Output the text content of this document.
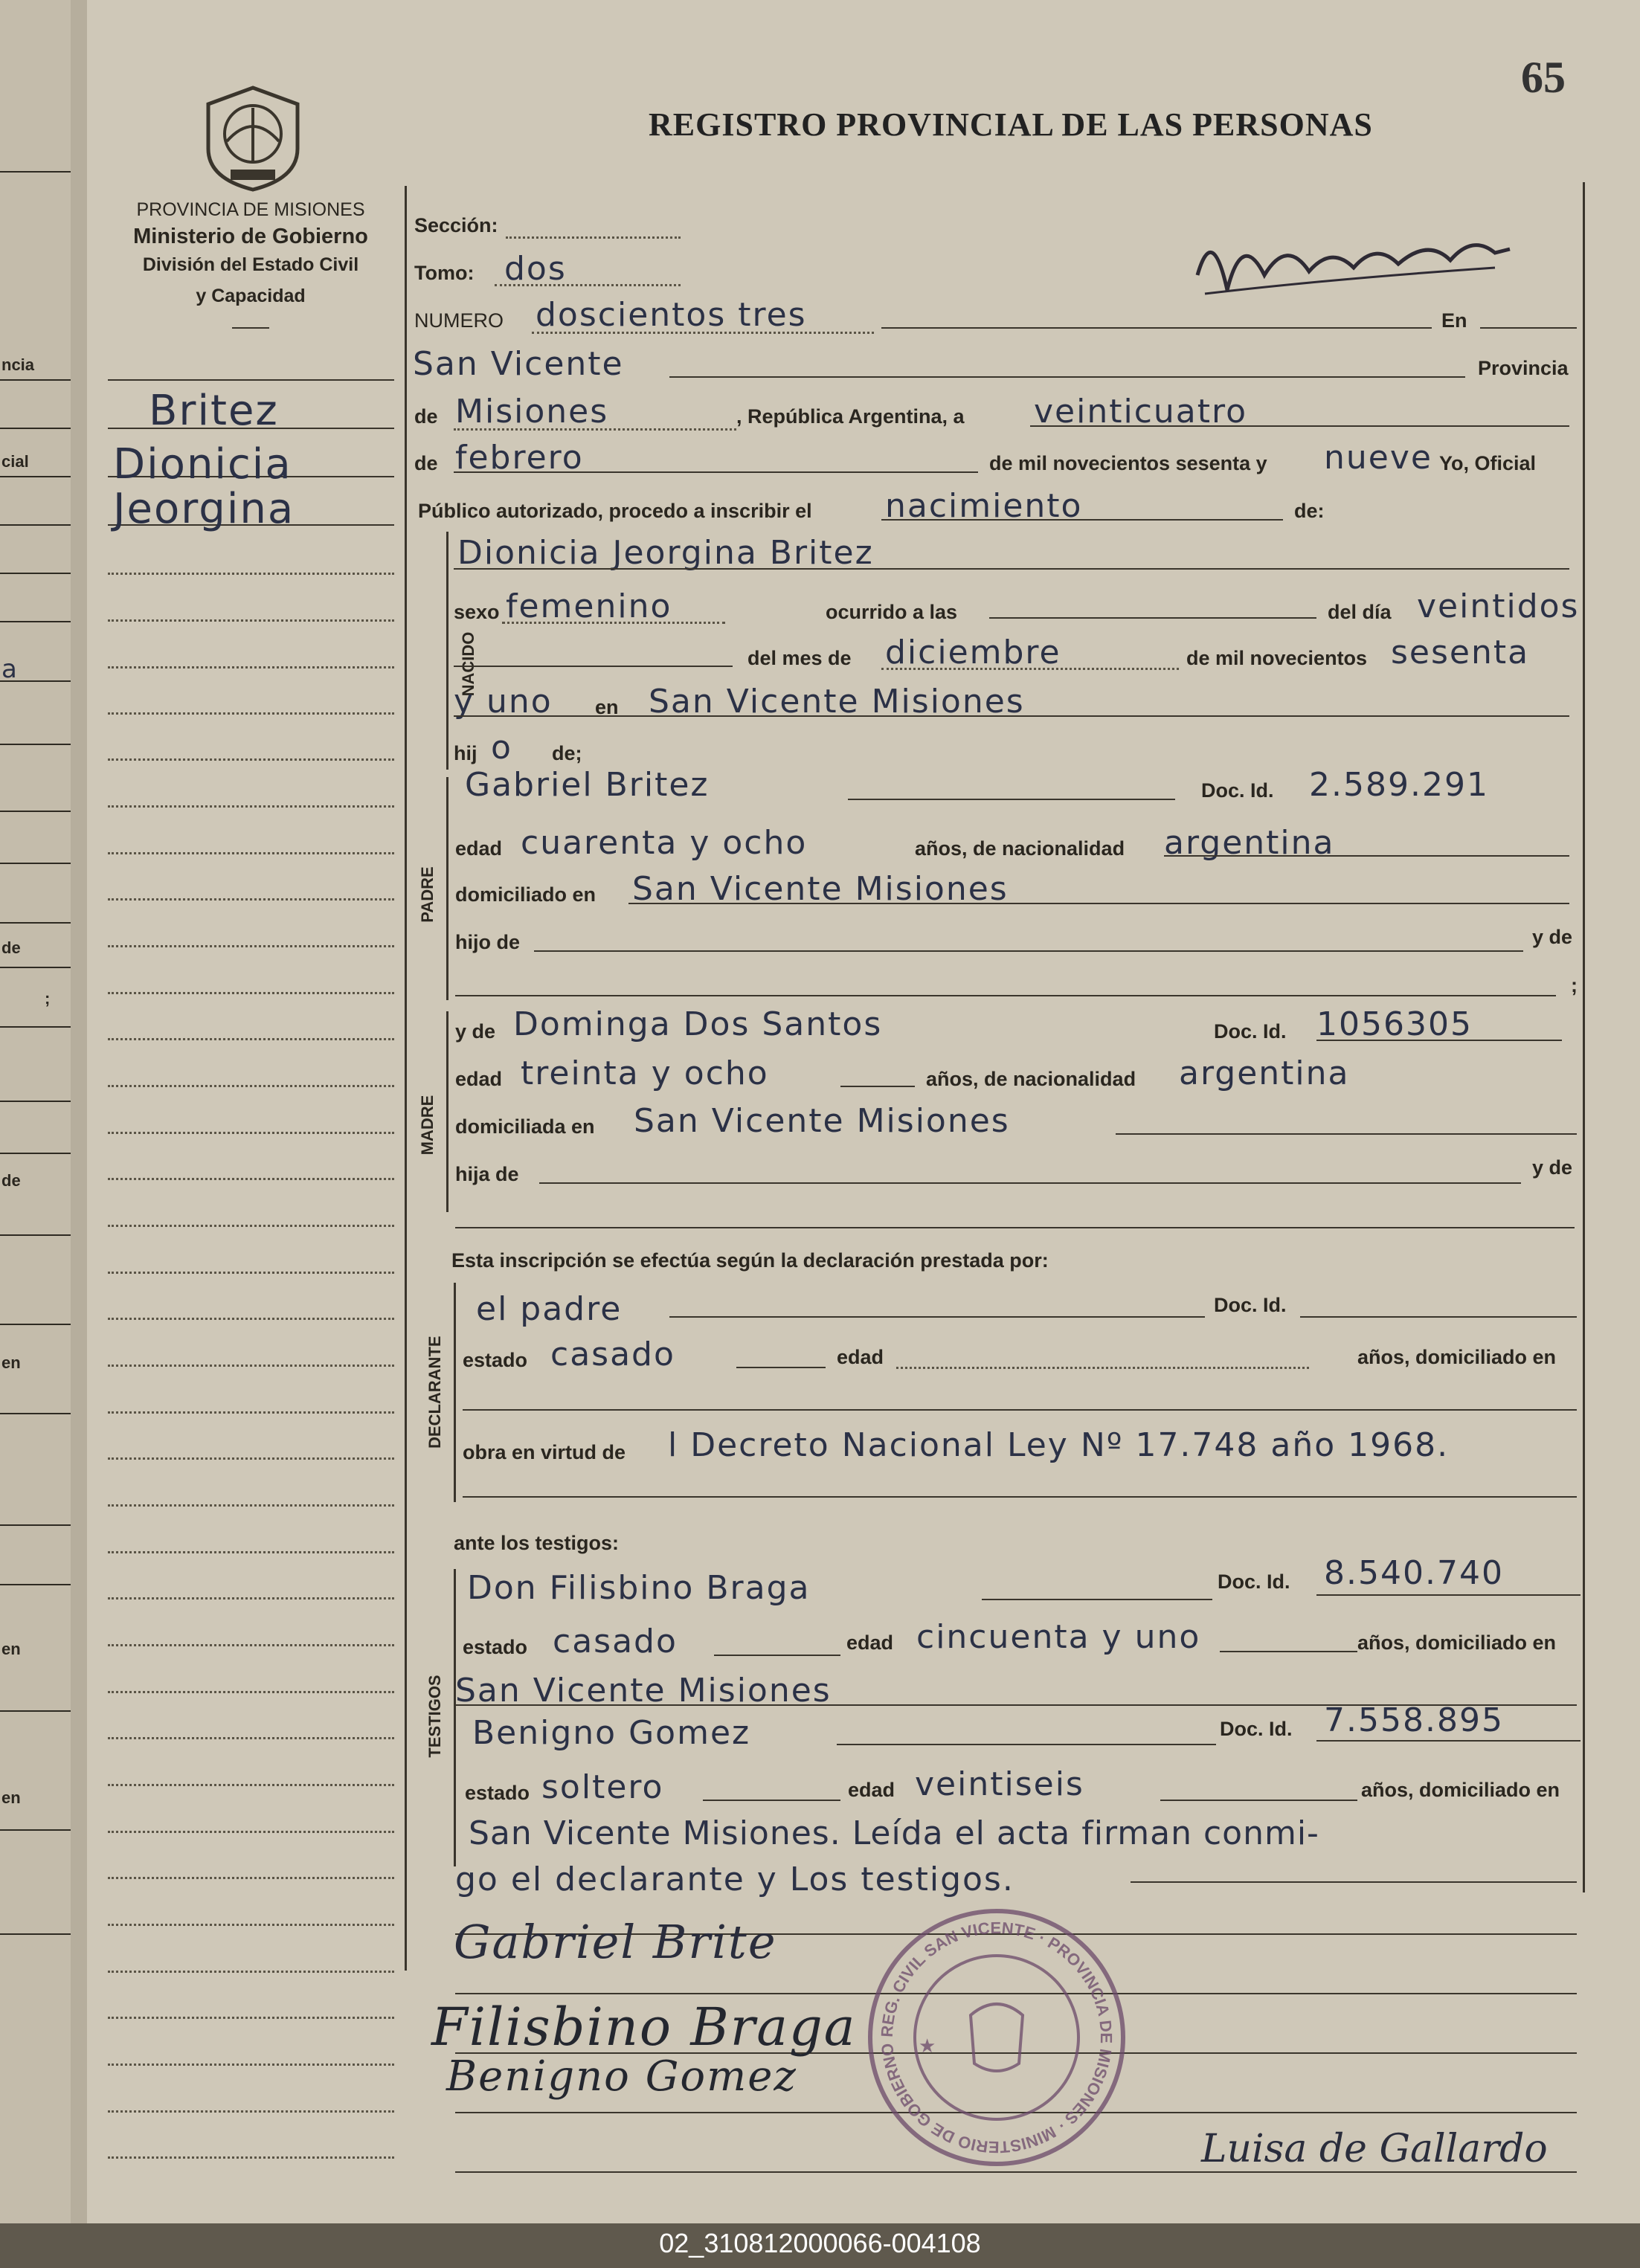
ncia
cial
a
de
;
de
en
en
en
65
PROVINCIA DE MISIONES
Ministerio de Gobierno
División del Estado Civil
y Capacidad
REGISTRO PROVINCIAL DE LAS PERSONAS
Britez
Dionicia
Jeorgina
Sección:
Tomo: dos
NUMERO doscientos tres	En
San Vicente	Provincia
de Misiones	, República Argentina, a veinticuatro
de febrero	de mil novecientos sesenta y nueve Yo, Oficial
Público autorizado, procedo a inscribir el nacimiento	de:
NACIDO
Dionicia Jeorgina Britez
sexo femenino	ocurrido a las	del día veintidos
del mes de diciembre	de mil novecientos sesenta
y uno en San Vicente Misiones
hij o de;
PADRE
Gabriel Britez	Doc. Id. 2.589.291
edad cuarenta y ocho	años, de nacionalidad argentina
domiciliado en San Vicente Misiones
hijo de	y de
;
MADRE
y de Dominga Dos Santos	Doc. Id. 1056305
edad treinta y ocho	años, de nacionalidad argentina
domiciliada en San Vicente Misiones
hija de	y de
Esta inscripción se efectúa según la declaración prestada por:
DECLARANTE
el padre	Doc. Id.
estado casado	edad	años, domiciliado en
obra en virtud de l Decreto Nacional Ley Nº 17.748 año 1968.
ante los testigos:
TESTIGOS
Don Filisbino Braga	Doc. Id. 8.540.740
estado casado	edad cincuenta y uno	años, domiciliado en
San Vicente Misiones
Benigno Gomez	Doc. Id. 7.558.895
estado soltero	edad veintiseis	años, domiciliado en
San Vicente Misiones. Leída el acta firman conmi-
go el declarante y Los testigos.
REG. CIVIL SAN VICENTE · PROVINCIA DE MISIONES · MINISTERIO DE GOBIERNO	★
Gabriel Brite
Filisbino Braga
Benigno Gomez
Luisa de Gallardo
02_310812000066-004108
